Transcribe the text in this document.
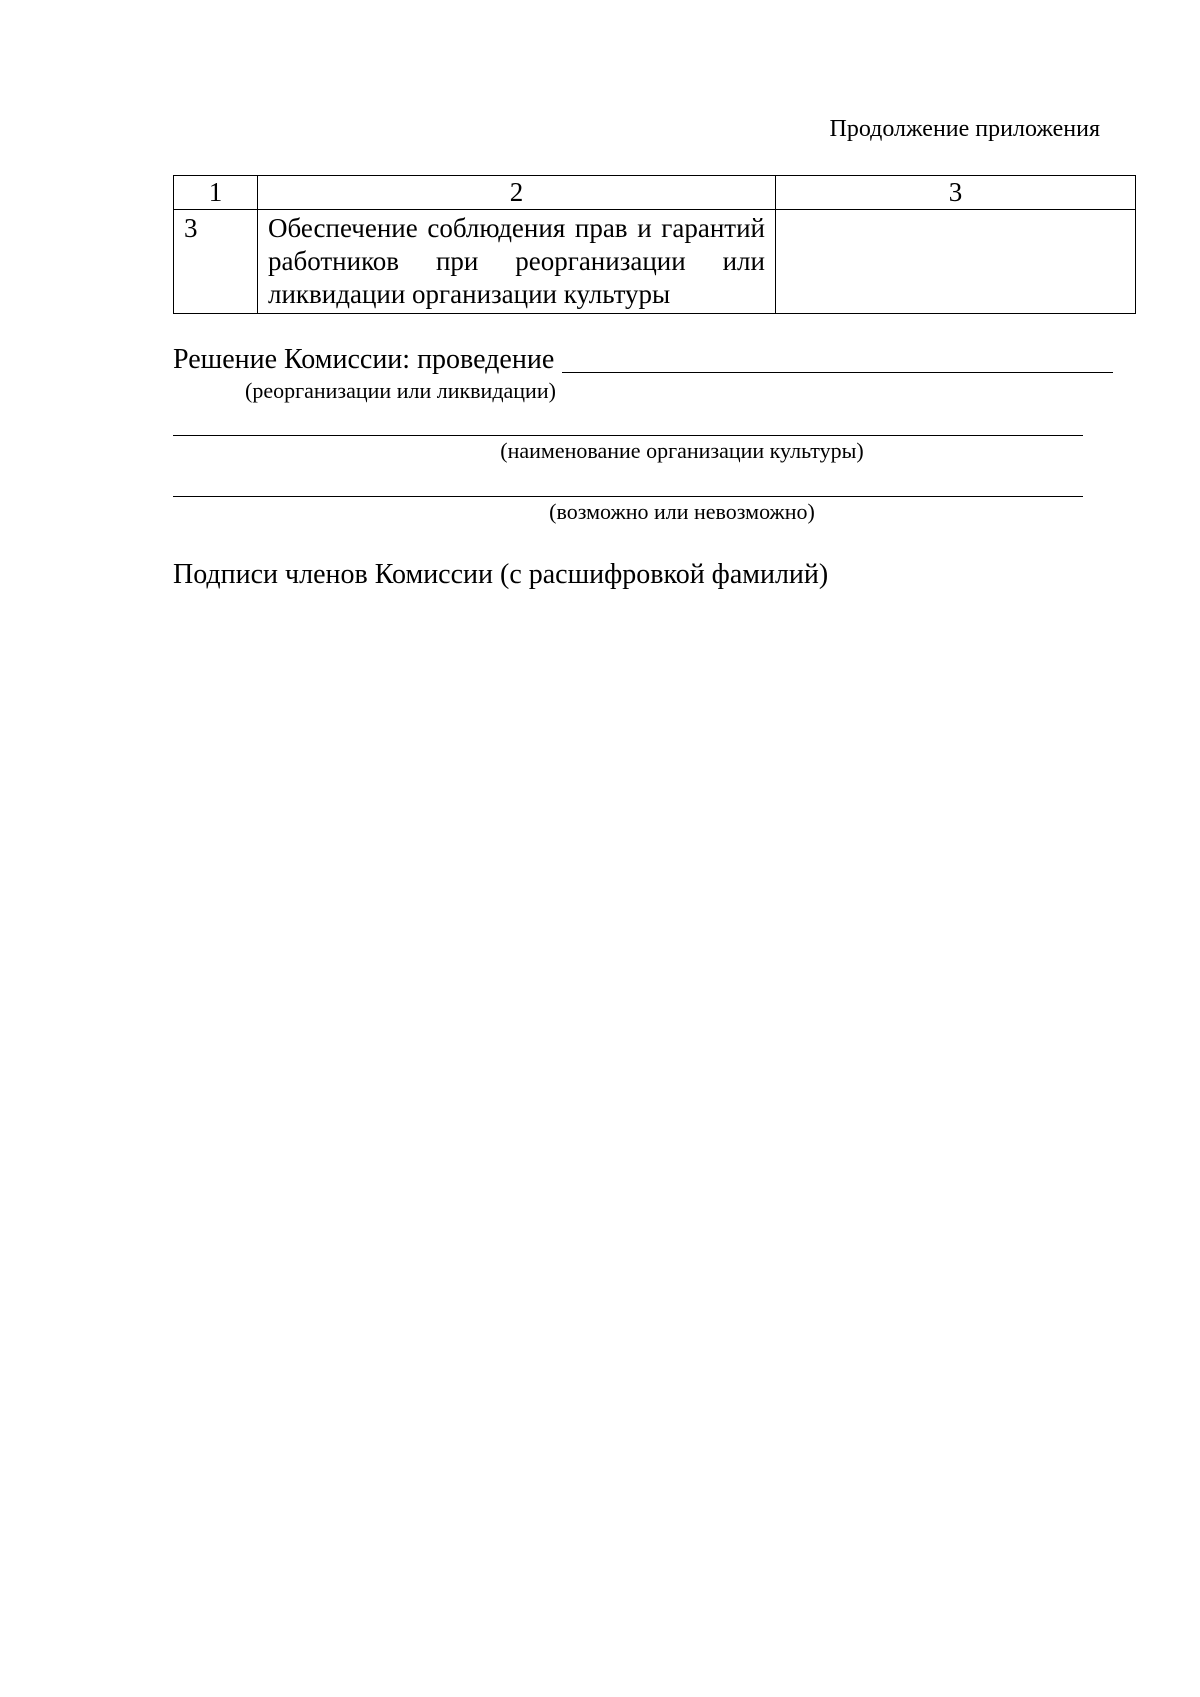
Продолжение приложения
1	2	3
3	Обеспечение соблюдения прав и гарантий работников при реорганизации или ликвидации организации культуры	
Решение Комиссии: проведение
(реорганизации или ликвидации)
(наименование организации культуры)
(возможно или невозможно)
Подписи членов Комиссии (с расшифровкой фамилий)
